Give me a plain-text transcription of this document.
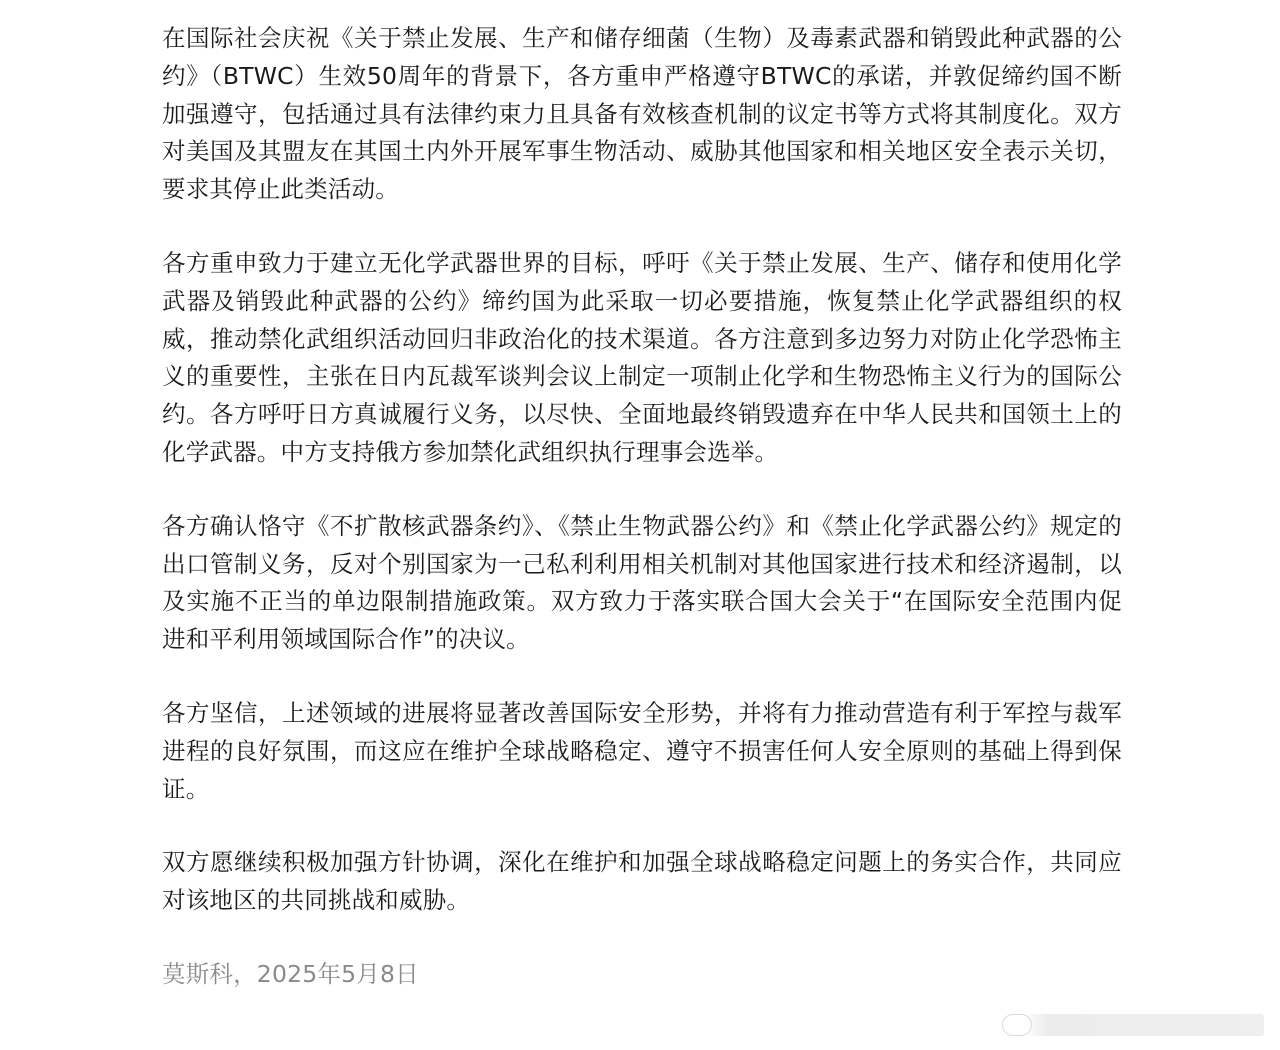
在国际社会庆祝《关于禁止发展、生产和储存细菌（生物）及毒素武器和销毁此种武器的公约》（BTWC）生效50周年的背景下，各方重申严格遵守BTWC的承诺，并敦促缔约国不断加强遵守，包括通过具有法律约束力且具备有效核查机制的议定书等方式将其制度化。双方对美国及其盟友在其国土内外开展军事生物活动、威胁其他国家和相关地区安全表示关切，要求其停止此类活动。

各方重申致力于建立无化学武器世界的目标，呼吁《关于禁止发展、生产、储存和使用化学武器及销毁此种武器的公约》缔约国为此采取一切必要措施，恢复禁止化学武器组织的权威，推动禁化武组织活动回归非政治化的技术渠道。各方注意到多边努力对防止化学恐怖主义的重要性，主张在日内瓦裁军谈判会议上制定一项制止化学和生物恐怖主义行为的国际公约。各方呼吁日方真诚履行义务，以尽快、全面地最终销毁遗弃在中华人民共和国领土上的化学武器。中方支持俄方参加禁化武组织执行理事会选举。

各方确认恪守《不扩散核武器条约》、《禁止生物武器公约》和《禁止化学武器公约》规定的出口管制义务，反对个别国家为一己私利利用相关机制对其他国家进行技术和经济遏制，以及实施不正当的单边限制措施政策。双方致力于落实联合国大会关于“在国际安全范围内促进和平利用领域国际合作”的决议。

各方坚信，上述领域的进展将显著改善国际安全形势，并将有力推动营造有利于军控与裁军进程的良好氛围，而这应在维护全球战略稳定、遵守不损害任何人安全原则的基础上得到保证。

双方愿继续积极加强方针协调，深化在维护和加强全球战略稳定问题上的务实合作，共同应对该地区的共同挑战和威胁。

莫斯科，2025年5月8日
